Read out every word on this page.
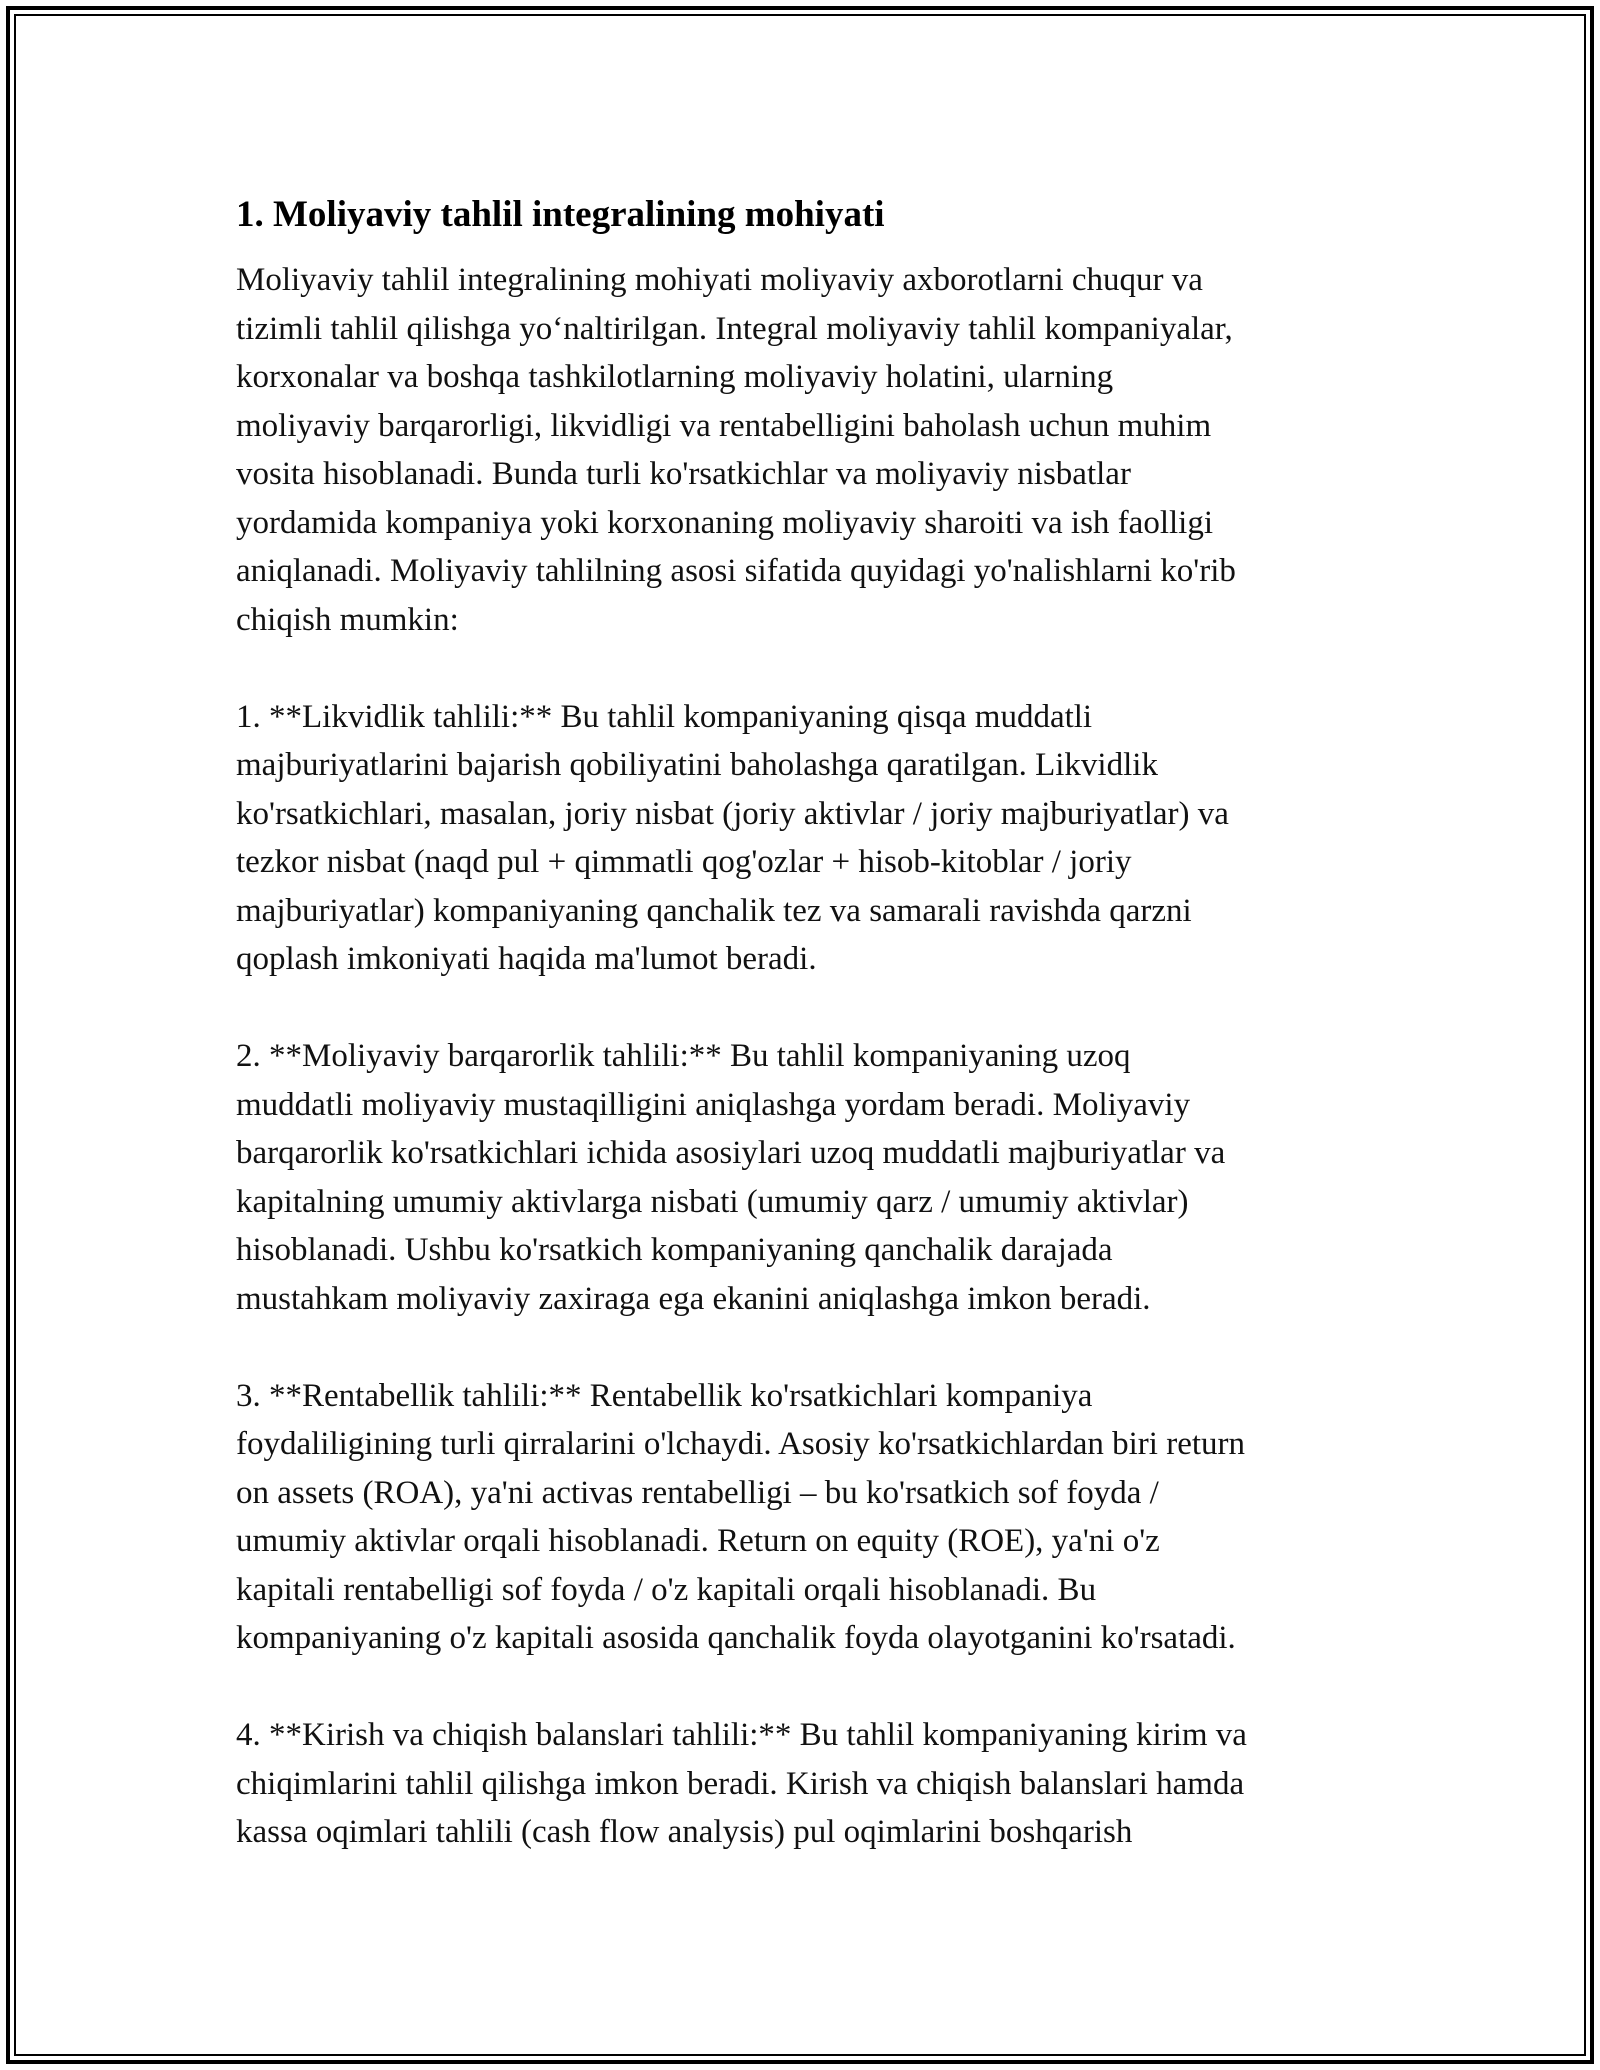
1. Moliyaviy tahlil integralining mohiyati

Moliyaviy tahlil integralining mohiyati moliyaviy axborotlarni chuqur va
tizimli tahlil qilishga yo‘naltirilgan. Integral moliyaviy tahlil kompaniyalar,
korxonalar va boshqa tashkilotlarning moliyaviy holatini, ularning
moliyaviy barqarorligi, likvidligi va rentabelligini baholash uchun muhim
vosita hisoblanadi. Bunda turli ko'rsatkichlar va moliyaviy nisbatlar
yordamida kompaniya yoki korxonaning moliyaviy sharoiti va ish faolligi
aniqlanadi. Moliyaviy tahlilning asosi sifatida quyidagi yo'nalishlarni ko'rib
chiqish mumkin:

1. **Likvidlik tahlili:** Bu tahlil kompaniyaning qisqa muddatli
majburiyatlarini bajarish qobiliyatini baholashga qaratilgan. Likvidlik
ko'rsatkichlari, masalan, joriy nisbat (joriy aktivlar / joriy majburiyatlar) va
tezkor nisbat (naqd pul + qimmatli qog'ozlar + hisob-kitoblar / joriy
majburiyatlar) kompaniyaning qanchalik tez va samarali ravishda qarzni
qoplash imkoniyati haqida ma'lumot beradi.

2. **Moliyaviy barqarorlik tahlili:** Bu tahlil kompaniyaning uzoq
muddatli moliyaviy mustaqilligini aniqlashga yordam beradi. Moliyaviy
barqarorlik ko'rsatkichlari ichida asosiylari uzoq muddatli majburiyatlar va
kapitalning umumiy aktivlarga nisbati (umumiy qarz / umumiy aktivlar)
hisoblanadi. Ushbu ko'rsatkich kompaniyaning qanchalik darajada
mustahkam moliyaviy zaxiraga ega ekanini aniqlashga imkon beradi.

3. **Rentabellik tahlili:** Rentabellik ko'rsatkichlari kompaniya
foydaliligining turli qirralarini o'lchaydi. Asosiy ko'rsatkichlardan biri return
on assets (ROA), ya'ni activas rentabelligi – bu ko'rsatkich sof foyda /
umumiy aktivlar orqali hisoblanadi. Return on equity (ROE), ya'ni o'z
kapitali rentabelligi sof foyda / o'z kapitali orqali hisoblanadi. Bu
kompaniyaning o'z kapitali asosida qanchalik foyda olayotganini ko'rsatadi.

4. **Kirish va chiqish balanslari tahlili:** Bu tahlil kompaniyaning kirim va
chiqimlarini tahlil qilishga imkon beradi. Kirish va chiqish balanslari hamda
kassa oqimlari tahlili (cash flow analysis) pul oqimlarini boshqarish
